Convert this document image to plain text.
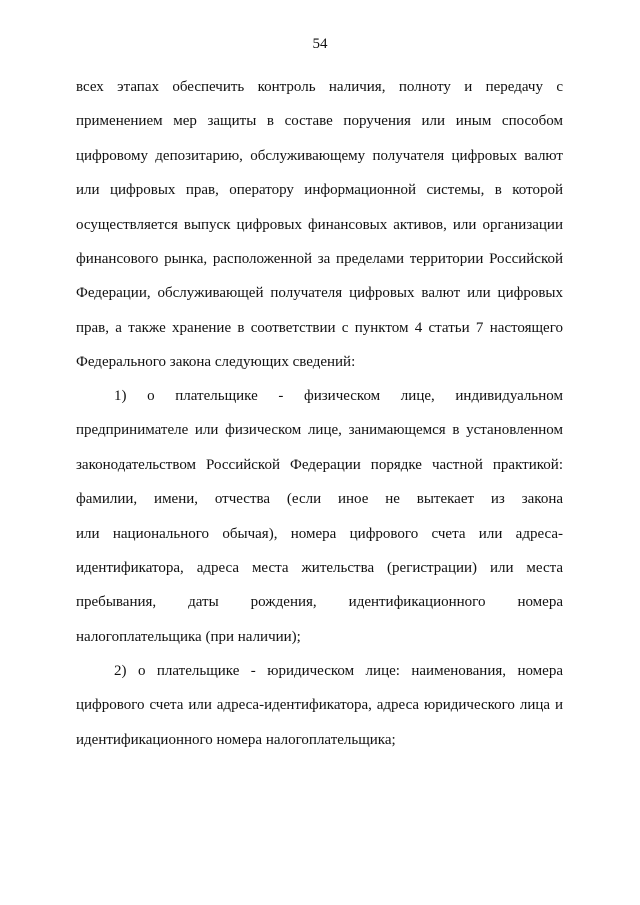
54
всех этапах обеспечить контроль наличия, полноту и передачу с
применением мер защиты в составе поручения или иным способом
цифровому депозитарию, обслуживающему получателя цифровых валют
или цифровых прав, оператору информационной системы, в которой
осуществляется выпуск цифровых финансовых активов, или организации
финансового рынка, расположенной за пределами территории Российской
Федерации, обслуживающей получателя цифровых валют или цифровых
прав, а также хранение в соответствии с пунктом 4 статьи 7 настоящего
Федерального закона следующих сведений:
1) о плательщике - физическом лице, индивидуальном
предпринимателе или физическом лице, занимающемся в установленном
законодательством Российской Федерации порядке частной практикой:
фамилии, имени, отчества (если иное не вытекает из закона
или национального обычая), номера цифрового счета или адреса-
идентификатора, адреса места жительства (регистрации) или места
пребывания, даты рождения, идентификационного номера
налогоплательщика (при наличии);
2) о плательщике - юридическом лице: наименования, номера
цифрового счета или адреса-идентификатора, адреса юридического лица и
идентификационного номера налогоплательщика;
